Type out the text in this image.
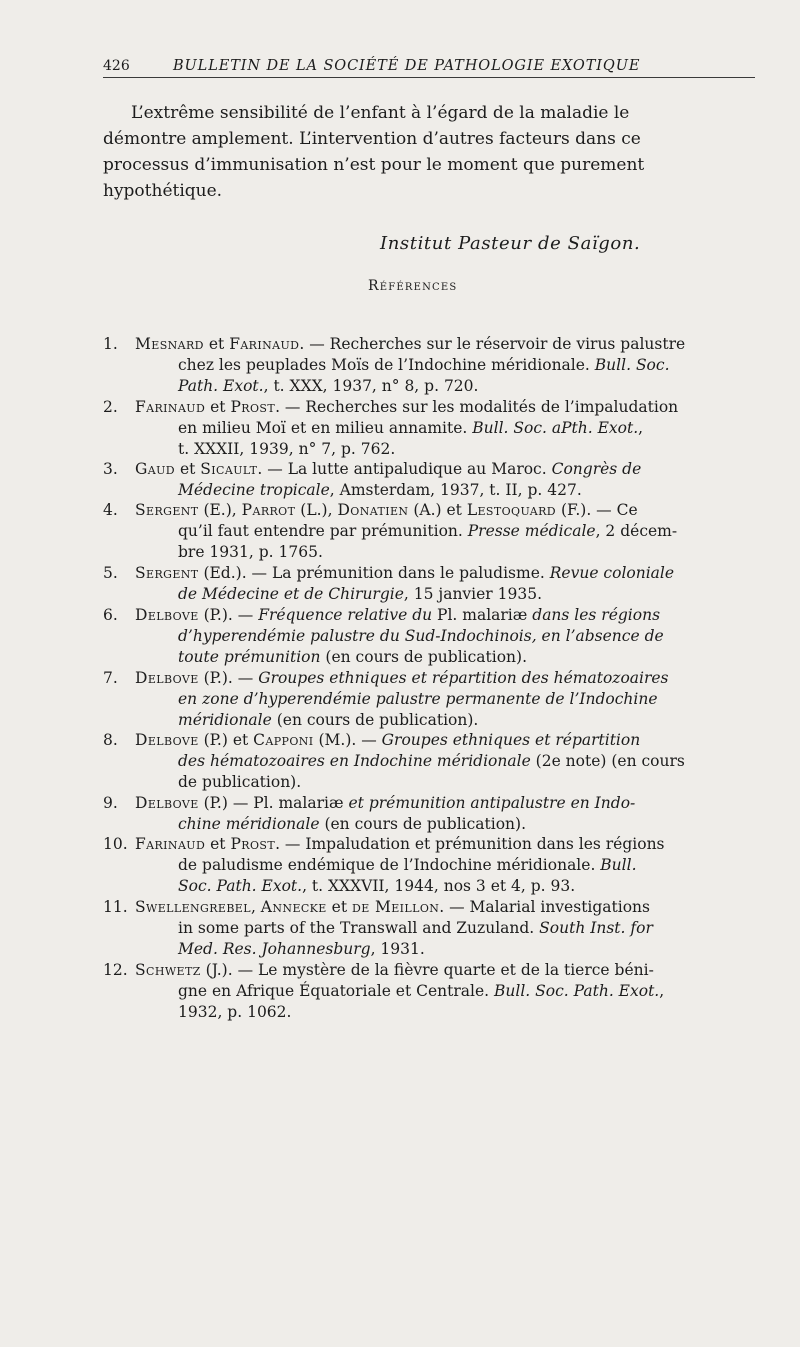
426	BULLETIN DE LA SOCIÉTÉ DE PATHOLOGIE EXOTIQUE

L’extrême sensibilité de l’enfant à l’égard de la maladie le
démontre amplement. L’intervention d’autres facteurs dans ce
processus d’immunisation n’est pour le moment que purement
hypothétique.

Institut Pasteur de Saïgon.
Références
1.	Mesnard et Farinaud. — Recherches sur le réservoir de virus palustre
chez les peuplades Moïs de l’Indochine méridionale. Bull. Soc.
Path. Exot., t. XXX, 1937, n° 8, p. 720.
2.	Farinaud et Prost. — Recherches sur les modalités de l’impaludation
en milieu Moï et en milieu annamite. Bull. Soc. aPth. Exot.,
t. XXXII, 1939, n° 7, p. 762.
3.	Gaud et Sicault. — La lutte antipaludique au Maroc. Congrès de
Médecine tropicale, Amsterdam, 1937, t. II, p. 427.
4.	Sergent (E.), Parrot (L.), Donatien (A.) et Lestoquard (F.). — Ce
qu’il faut entendre par prémunition. Presse médicale, 2 décem-
bre 1931, p. 1765.
5.	Sergent (Ed.). — La prémunition dans le paludisme. Revue coloniale
de Médecine et de Chirurgie, 15 janvier 1935.
6.	Delbove (P.). — Fréquence relative du Pl. malariæ dans les régions
d’hyperendémie palustre du Sud-Indochinois, en l’absence de
toute prémunition (en cours de publication).
7.	Delbove (P.). — Groupes ethniques et répartition des hématozoaires
en zone d’hyperendémie palustre permanente de l’Indochine
méridionale (en cours de publication).
8.	Delbove (P.) et Capponi (M.). — Groupes ethniques et répartition
des hématozoaires en Indochine méridionale (2e note) (en cours
de publication).
9.	Delbove (P.) — Pl. malariæ et prémunition antipalustre en Indo-
chine méridionale (en cours de publication).
10. Farinaud et Prost. — Impaludation et prémunition dans les régions
de paludisme endémique de l’Indochine méridionale. Bull.
Soc. Path. Exot., t. XXXVII, 1944, nos 3 et 4, p. 93.
11. Swellengrebel, Annecke et de Meillon. — Malarial investigations
in some parts of the Transwall and Zuzuland. South Inst. for
Med. Res. Johannesburg, 1931.
12. Schwetz (J.). — Le mystère de la fièvre quarte et de la tierce béni-
gne en Afrique Équatoriale et Centrale. Bull. Soc. Path. Exot.,
1932, p. 1062.
